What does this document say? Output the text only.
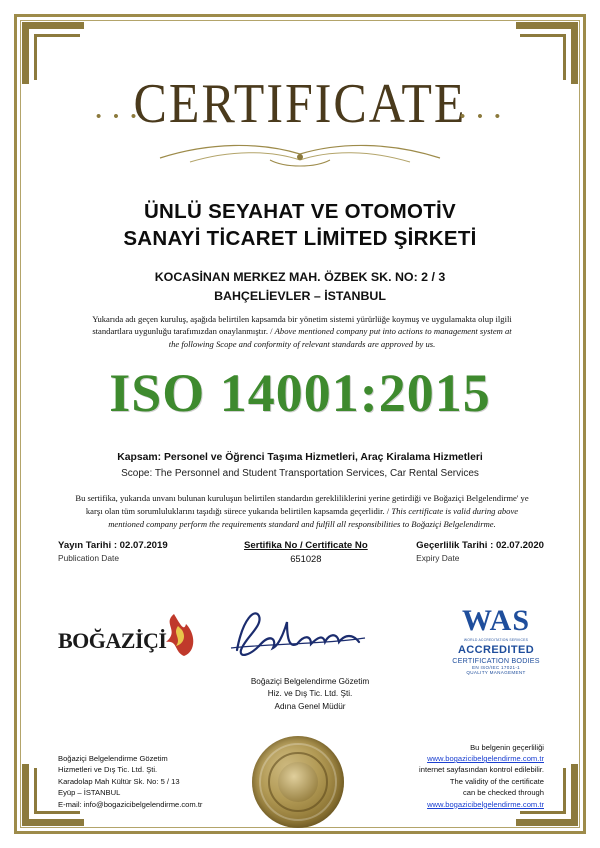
CERTIFICATE
• • •	• • •
ÜNLÜ SEYAHAT VE OTOMOTİV
SANAYİ TİCARET LİMİTED ŞİRKETİ
KOCASİNAN MERKEZ MAH. ÖZBEK SK. NO: 2 / 3
BAHÇELİEVLER – İSTANBUL
Yukarıda adı geçen kuruluş, aşağıda belirtilen kapsamda bir yönetim sistemi yürürlüğe koymuş ve uygulamakta olup ilgili standartlara uygunluğu tarafımızdan onaylanmıştır. / Above mentioned company put into actions to management system at the following Scope and conformity of relevant standards are approved by us.
ISO 14001:2015
Kapsam: Personel ve Öğrenci Taşıma Hizmetleri, Araç Kiralama Hizmetleri
Scope: The Personnel and Student Transportation Services, Car Rental Services
Bu sertifika, yukarıda unvanı bulunan kuruluşun belirtilen standardın gerekliliklerini yerine getirdiği ve Boğaziçi Belgelendirme' ye karşı olan tüm sorumluluklarını taşıdığı sürece yukarıda belirtilen kapsamda geçerlidir. / This certificate is valid during above mentioned company perform the requirements standard and fulfill all responsibilities to Boğaziçi Belgelendirme.
Yayın Tarihi : 02.07.2019
Publication Date
Sertifika No / Certificate No
651028
Geçerlilik Tarihi : 02.07.2020
Expiry Date
BOĞAZİÇİ
Boğaziçi Belgelendirme Gözetim
Hiz. ve Dış Tic. Ltd. Şti.
Adına Genel Müdür
WAS
WORLD ACCREDITATION SERVICES
ACCREDITED
CERTIFICATION BODIES
EN ISO/IEC 17021-1
QUALITY MANAGEMENT
Boğaziçi Belgelendirme Gözetim
Hizmetleri ve Dış Tic. Ltd. Şti.
Karadolap Mah Kültür Sk. No: 5 / 13
Eyüp – İSTANBUL
E-mail: info@bogazicibelgelendirme.com.tr
Bu belgenin geçerliliği
www.bogazicibelgelendirme.com.tr
internet sayfasından kontrol edilebilir.
The validity of the certificate
can be checked through
www.bogazicibelgelendirme.com.tr
